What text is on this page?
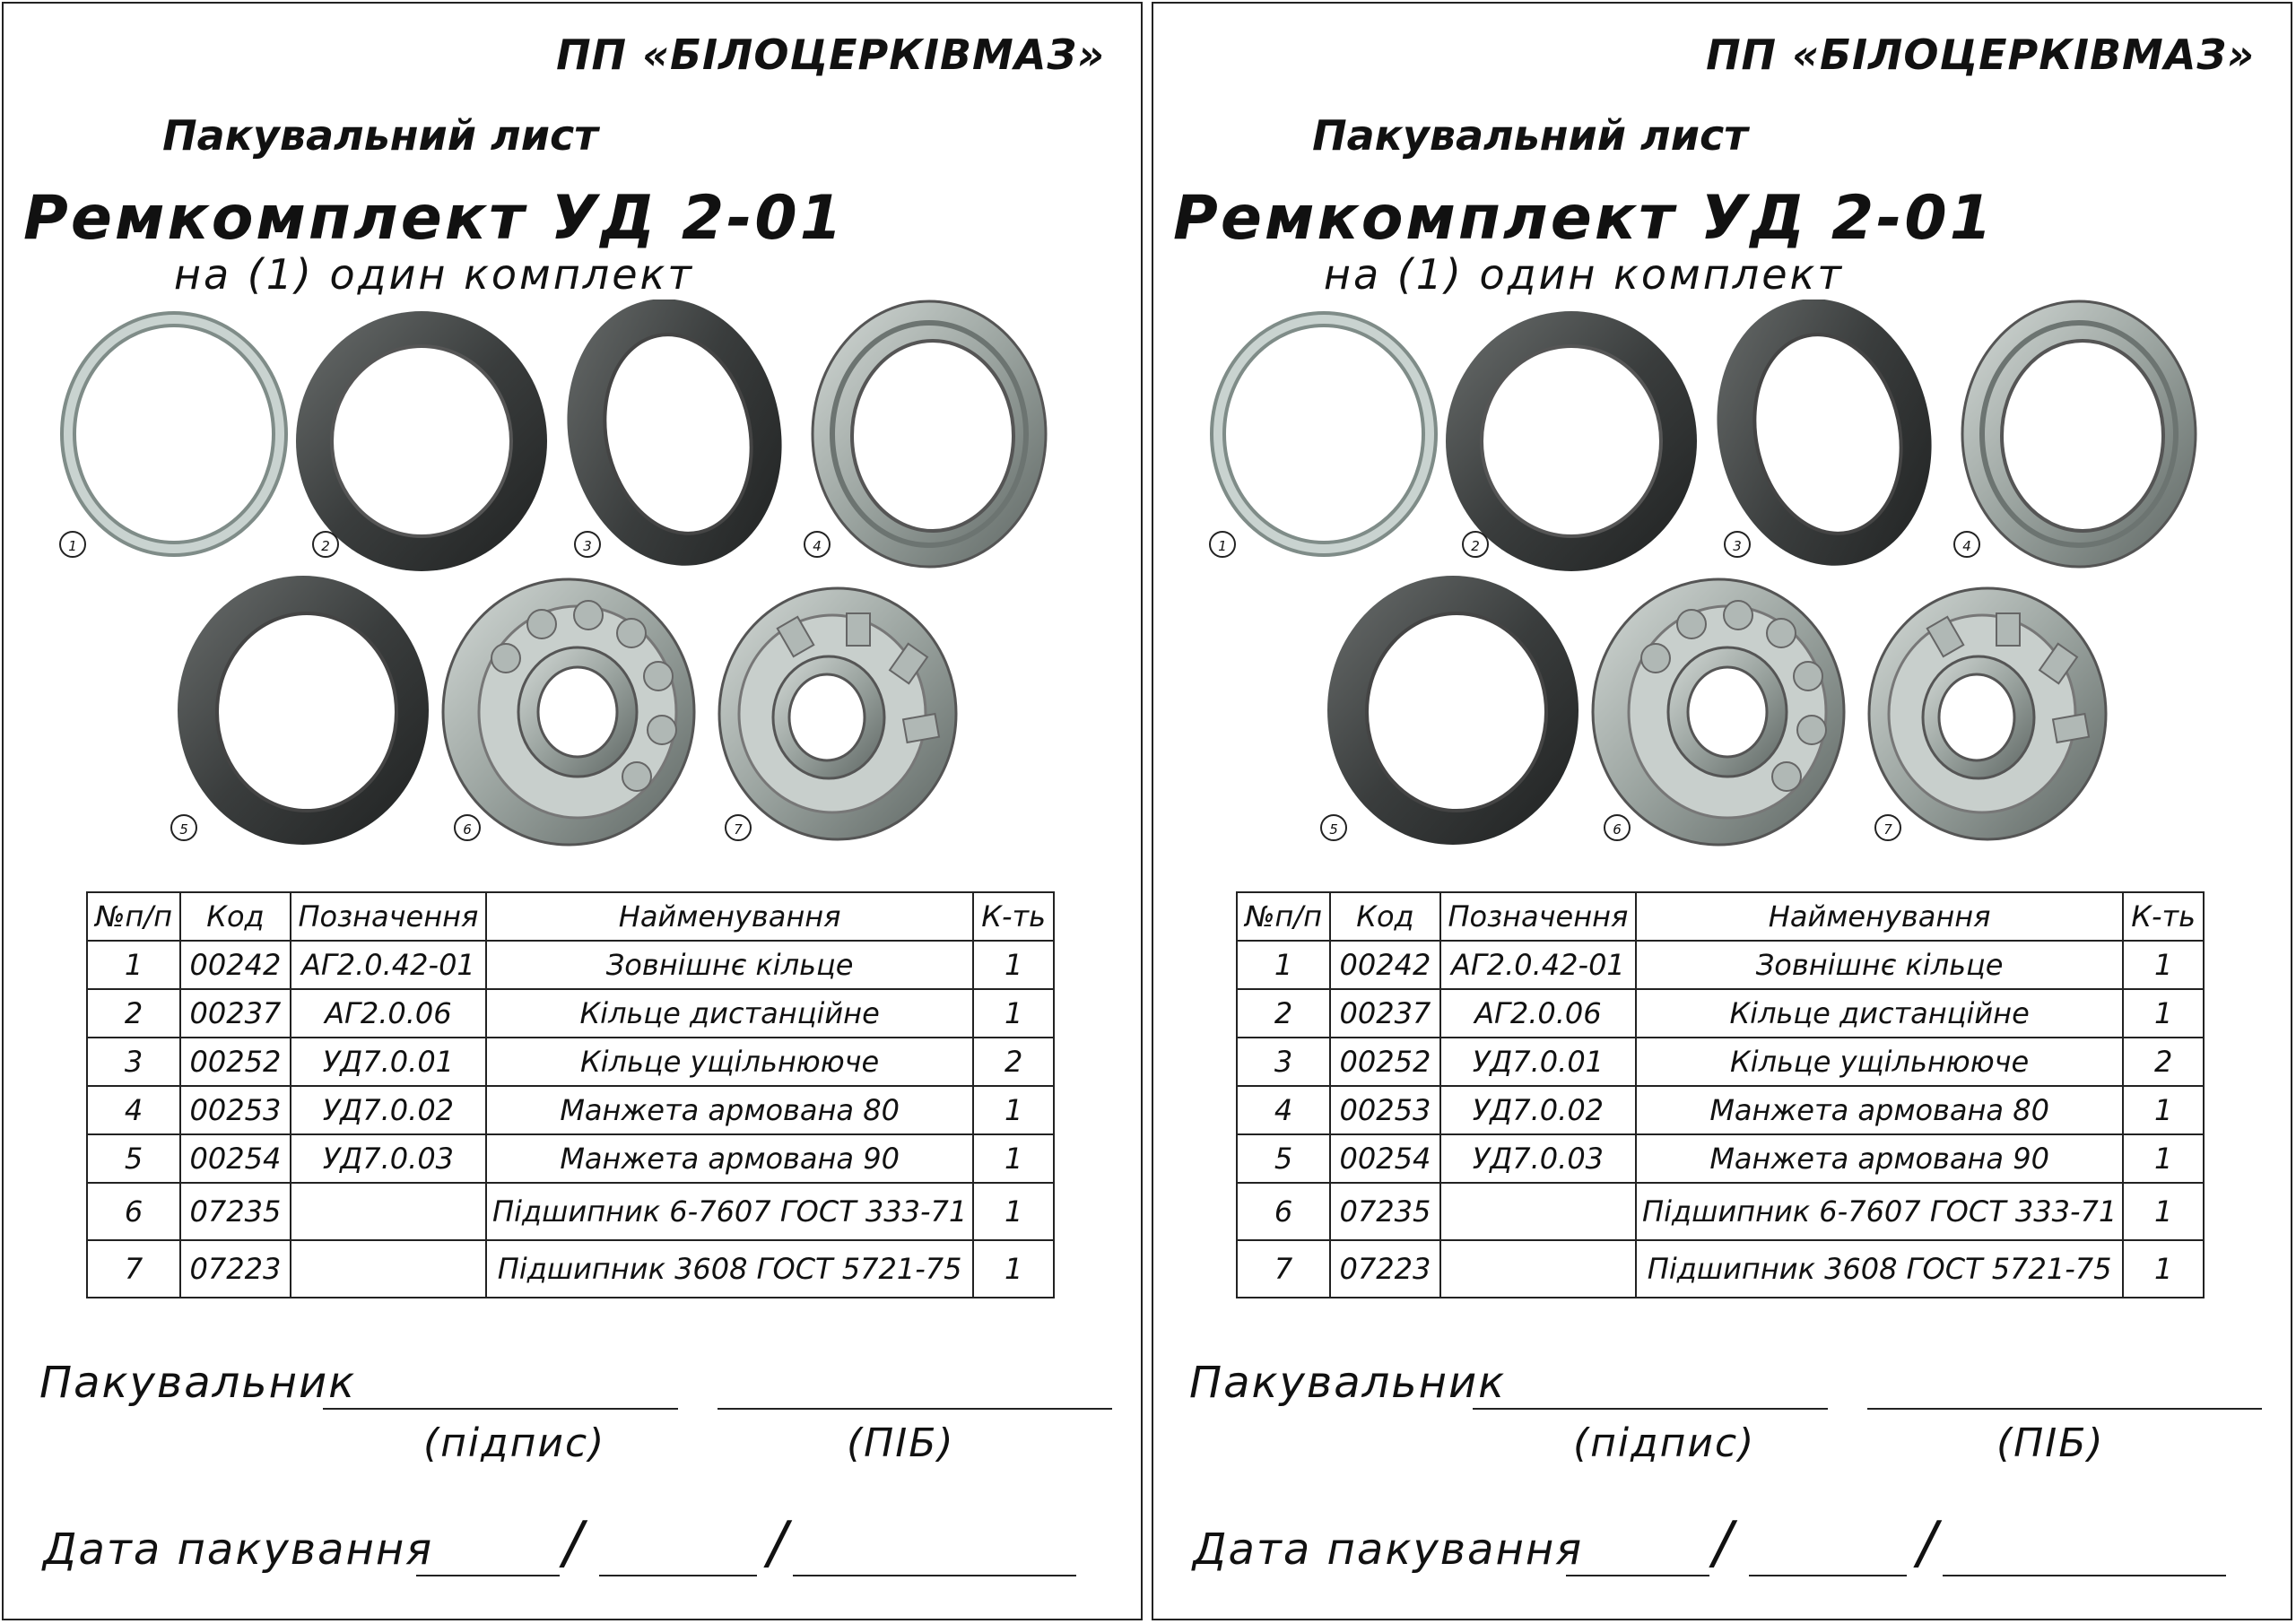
ПП «БІЛОЦЕРКІВМАЗ»
Пакувальний лист
Ремкомплект УД 2-01
на (1) один комплект
1	2	3	4
5	6	7
№п/п	Код	Позначення	Найменування	К-ть
1	00242	АГ2.0.42-01	Зовнішнє кільце	1
2	00237	АГ2.0.06	Кільце дистанційне	1
3	00252	УД7.0.01	Кільце ущільнююче	2
4	00253	УД7.0.02	Манжета армована 80	1
5	00254	УД7.0.03	Манжета армована 90	1
6	07235		Підшипник 6-7607 ГОСТ 333-71	1
7	07223		Підшипник 3608 ГОСТ 5721-75	1
Пакувальник
(підпис)	(ПІБ)
Дата пакування /	/
ПП «БІЛОЦЕРКІВМАЗ»
Пакувальний лист
Ремкомплект УД 2-01
на (1) один комплект
1	2	3	4
5	6	7
№п/п	Код	Позначення	Найменування	К-ть
1	00242	АГ2.0.42-01	Зовнішнє кільце	1
2	00237	АГ2.0.06	Кільце дистанційне	1
3	00252	УД7.0.01	Кільце ущільнююче	2
4	00253	УД7.0.02	Манжета армована 80	1
5	00254	УД7.0.03	Манжета армована 90	1
6	07235		Підшипник 6-7607 ГОСТ 333-71	1
7	07223		Підшипник 3608 ГОСТ 5721-75	1
Пакувальник
(підпис)	(ПІБ)
Дата пакування /	/
